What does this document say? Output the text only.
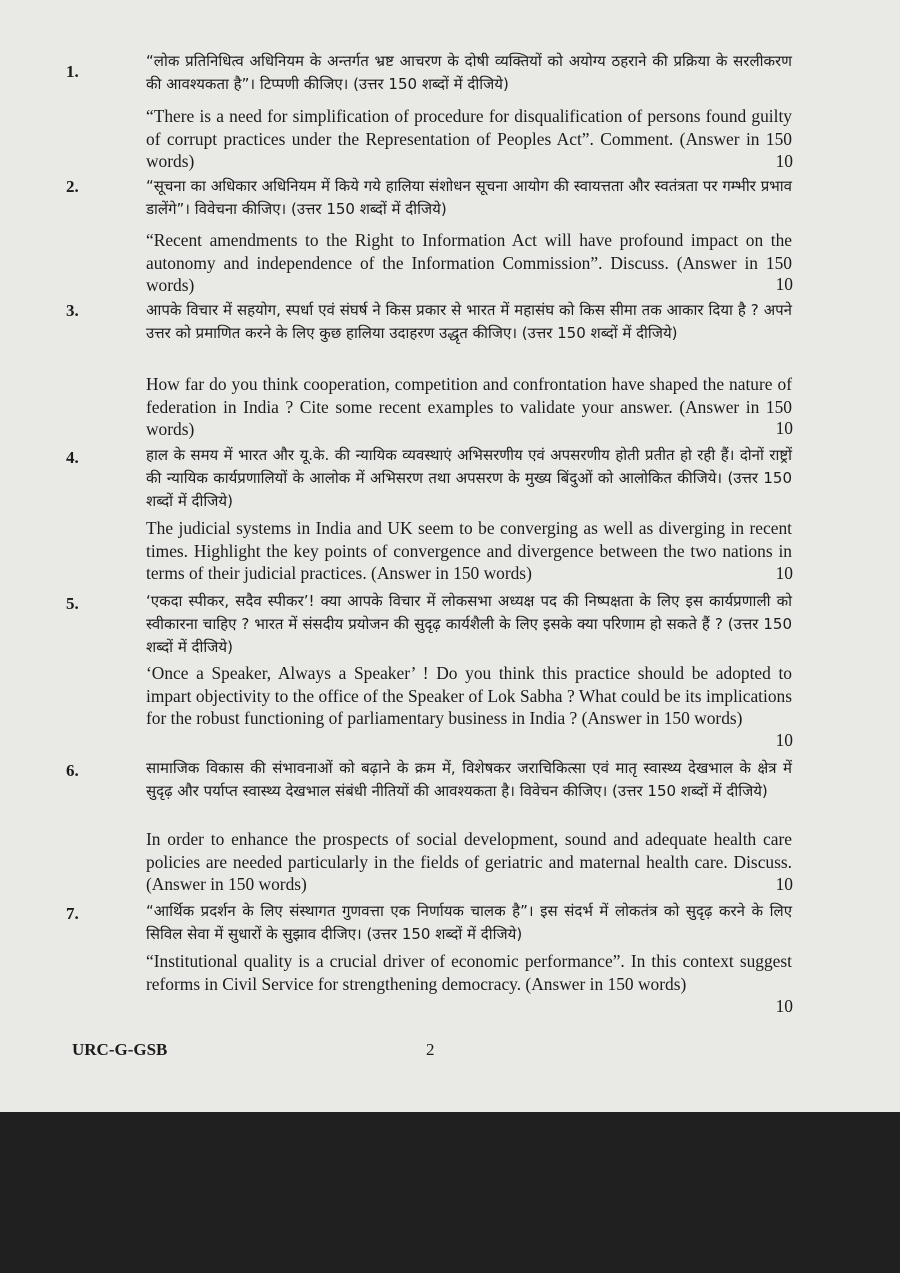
1.
“लोक प्रतिनिधित्व अधिनियम के अन्तर्गत भ्रष्ट आचरण के दोषी व्यक्तियों को अयोग्य ठहराने की प्रक्रिया के सरलीकरण की आवश्यकता है”। टिप्पणी कीजिए। (उत्तर 150 शब्दों में दीजिये)
“There is a need for simplification of procedure for disqualification of persons found guilty of corrupt practices under the Representation of Peoples Act”. Comment. (Answer in 150 words)	10
2.	“सूचना का अधिकार अधिनियम में किये गये हालिया संशोधन सूचना आयोग की स्वायत्तता और स्वतंत्रता पर गम्भीर प्रभाव डालेंगे”। विवेचना कीजिए। (उत्तर 150 शब्दों में दीजिये)
“Recent amendments to the Right to Information Act will have profound impact on the autonomy and independence of the Information Commission”. Discuss. (Answer in 150 words)	10
3.	आपके विचार में सहयोग, स्पर्धा एवं संघर्ष ने किस प्रकार से भारत में महासंघ को किस सीमा तक आकार दिया है ? अपने उत्तर को प्रमाणित करने के लिए कुछ हालिया उदाहरण उद्धृत कीजिए। (उत्तर 150 शब्दों में दीजिये)
How far do you think cooperation, competition and confrontation have shaped the nature of federation in India ? Cite some recent examples to validate your answer. (Answer in 150 words)	10
4.	हाल के समय में भारत और यू.के. की न्यायिक व्यवस्थाएं अभिसरणीय एवं अपसरणीय होती प्रतीत हो रही हैं। दोनों राष्ट्रों की न्यायिक कार्यप्रणालियों के आलोक में अभिसरण तथा अपसरण के मुख्य बिंदुओं को आलोकित कीजिये। (उत्तर 150 शब्दों में दीजिये)
The judicial systems in India and UK seem to be converging as well as diverging in recent times. Highlight the key points of convergence and divergence between the two nations in terms of their judicial practices. (Answer in 150 words)	10
5.	‘एकदा स्पीकर, सदैव स्पीकर’! क्या आपके विचार में लोकसभा अध्यक्ष पद की निष्पक्षता के लिए इस कार्यप्रणाली को स्वीकारना चाहिए ? भारत में संसदीय प्रयोजन की सुदृढ़ कार्यशैली के लिए इसके क्या परिणाम हो सकते हैं ? (उत्तर 150 शब्दों में दीजिये)
‘Once a Speaker, Always a Speaker’ ! Do you think this practice should be adopted to impart objectivity to the office of the Speaker of Lok Sabha ? What could be its implications for the robust functioning of parliamentary business in India ? (Answer in 150 words)
10
6.	सामाजिक विकास की संभावनाओं को बढ़ाने के क्रम में, विशेषकर जराचिकित्सा एवं मातृ स्वास्थ्य देखभाल के क्षेत्र में सुदृढ़ और पर्याप्त स्वास्थ्य देखभाल संबंधी नीतियों की आवश्यकता है। विवेचन कीजिए। (उत्तर 150 शब्दों में दीजिये)
In order to enhance the prospects of social development, sound and adequate health care policies are needed particularly in the fields of geriatric and maternal health care. Discuss. (Answer in 150 words)	10
7.	“आर्थिक प्रदर्शन के लिए संस्थागत गुणवत्ता एक निर्णायक चालक है”। इस संदर्भ में लोकतंत्र को सुदृढ़ करने के लिए सिविल सेवा में सुधारों के सुझाव दीजिए। (उत्तर 150 शब्दों में दीजिये)
“Institutional quality is a crucial driver of economic performance”. In this context suggest reforms in Civil Service for strengthening democracy. (Answer in 150 words)
10
URC-G-GSB	2
